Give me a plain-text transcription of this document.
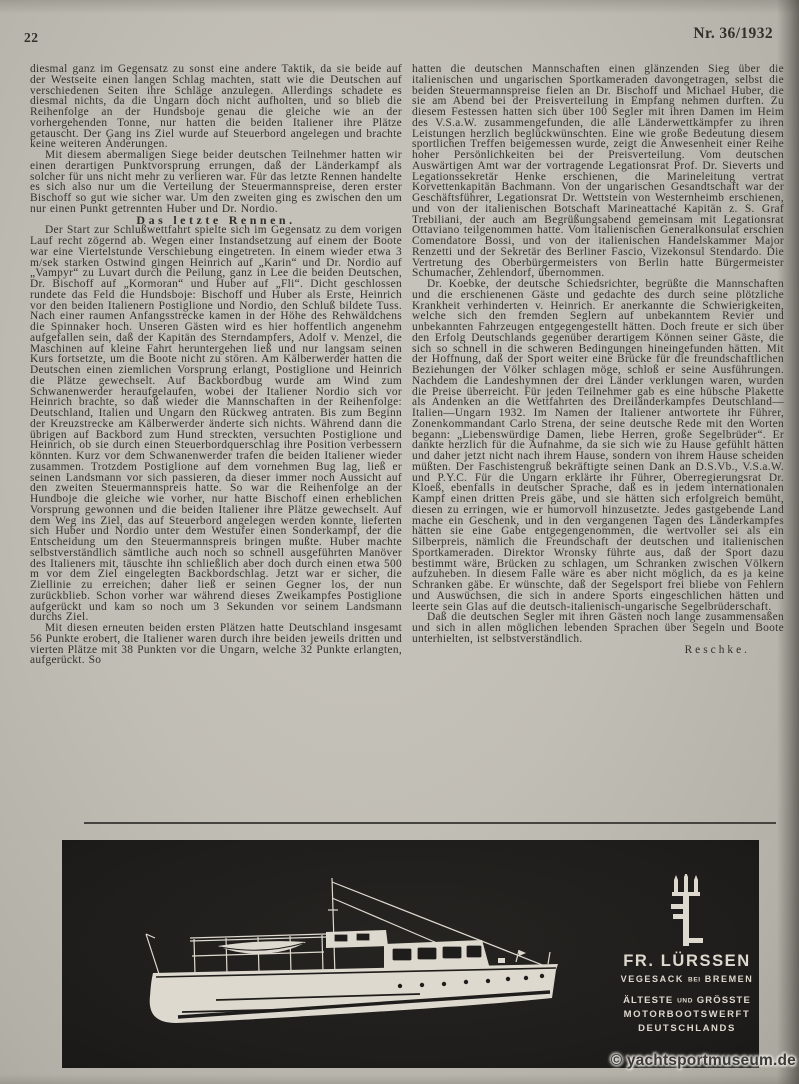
22	Nr. 36/1932

diesmal ganz im Gegensatz zu sonst eine andere Taktik, da sie beide auf der Westseite einen langen Schlag machten, statt wie die Deutschen auf verschiedenen Seiten ihre Schläge anzulegen. Allerdings schadete es diesmal nichts, da die Ungarn doch nicht aufholten, und so blieb die Reihenfolge an der Hundsboje genau die gleiche wie an der vorhergehenden Tonne, nur hatten die beiden Italiener ihre Plätze getauscht. Der Gang ins Ziel wurde auf Steuerbord angelegen und brachte keine weiteren Änderungen.

Mit diesem abermaligen Siege beider deutschen Teilnehmer hatten wir einen derartigen Punktvorsprung errungen, daß der Länderkampf als solcher für uns nicht mehr zu verlieren war. Für das letzte Rennen handelte es sich also nur um die Verteilung der Steuermannspreise, deren erster Bischoff so gut wie sicher war. Um den zweiten ging es zwischen den um nur einen Punkt getrennten Huber und Dr. Nordio.

Das letzte Rennen.

Der Start zur Schlußwettfahrt spielte sich im Gegensatz zu dem vorigen Lauf recht zögernd ab. Wegen einer Instandsetzung auf einem der Boote war eine Viertelstunde Verschiebung eingetreten. In einem wieder etwa 3 m/sek starken Ostwind gingen Heinrich auf „Karin“ und Dr. Nordio auf „Vampyr“ zu Luvart durch die Peilung, ganz in Lee die beiden Deutschen, Dr. Bischoff auf „Kormoran“ und Huber auf „Fli“. Dicht geschlossen rundete das Feld die Hundsboje: Bischoff und Huber als Erste, Heinrich vor den beiden Italienern Postiglione und Nordio, den Schluß bildete Tuss. Nach einer raumen Anfangsstrecke kamen in der Höhe des Rehwäldchens die Spinnaker hoch. Unseren Gästen wird es hier hoffentlich angenehm aufgefallen sein, daß der Kapitän des Sterndampfers, Adolf v. Menzel, die Maschinen auf kleine Fahrt heruntergehen ließ und nur langsam seinen Kurs fortsetzte, um die Boote nicht zu stören. Am Kälberwerder hatten die Deutschen einen ziemlichen Vorsprung erlangt, Postiglione und Heinrich die Plätze gewechselt. Auf Backbordbug wurde am Wind zum Schwanenwerder heraufgelaufen, wobei der Italiener Nordio sich vor Heinrich brachte, so daß wieder die Mannschaften in der Reihenfolge: Deutschland, Italien und Ungarn den Rückweg antraten. Bis zum Beginn der Kreuzstrecke am Kälberwerder änderte sich nichts. Während dann die übrigen auf Backbord zum Hund streckten, versuchten Postiglione und Heinrich, ob sie durch einen Steuerbordquerschlag ihre Position verbessern könnten. Kurz vor dem Schwanenwerder trafen die beiden Italiener wieder zusammen. Trotzdem Postiglione auf dem vornehmen Bug lag, ließ er seinen Landsmann vor sich passieren, da dieser immer noch Aussicht auf den zweiten Steuermannspreis hatte. So war die Reihenfolge an der Hundboje die gleiche wie vorher, nur hatte Bischoff einen erheblichen Vorsprung gewonnen und die beiden Italiener ihre Plätze gewechselt. Auf dem Weg ins Ziel, das auf Steuerbord angelegen werden konnte, lieferten sich Huber und Nordio unter dem Westufer einen Sonderkampf, der die Entscheidung um den Steuermannspreis bringen mußte. Huber machte selbstverständlich sämtliche auch noch so schnell ausgeführten Manöver des Italieners mit, täuschte ihn schließlich aber doch durch einen etwa 500 m vor dem Ziel eingelegten Backbordschlag. Jetzt war er sicher, die Ziellinie zu erreichen; daher ließ er seinen Gegner los, der nun zurückblieb. Schon vorher war während dieses Zweikampfes Postiglione aufgerückt und kam so noch um 3 Sekunden vor seinem Landsmann durchs Ziel.

Mit diesen erneuten beiden ersten Plätzen hatte Deutschland insgesamt 56 Punkte erobert, die Italiener waren durch ihre beiden jeweils dritten und vierten Plätze mit 38 Punkten vor die Ungarn, welche 32 Punkte erlangten, aufgerückt. So

hatten die deutschen Mannschaften einen glänzenden Sieg über die italienischen und ungarischen Sportkameraden davongetragen, selbst die beiden Steuermannspreise fielen an Dr. Bischoff und Michael Huber, die sie am Abend bei der Preisverteilung in Empfang nehmen durften. Zu diesem Festessen hatten sich über 100 Segler mit ihren Damen im Heim des V.S.a.W. zusammengefunden, die alle Länderwettkämpfer zu ihren Leistungen herzlich beglückwünschten. Eine wie große Bedeutung diesem sportlichen Treffen beigemessen wurde, zeigt die Anwesenheit einer Reihe hoher Persönlichkeiten bei der Preisverteilung. Vom deutschen Auswärtigen Amt war der vortragende Legationsrat Prof. Dr. Sieverts und Legationssekretär Henke erschienen, die Marineleitung vertrat Korvettenkapitän Bachmann. Von der ungarischen Gesandtschaft war der Geschäftsführer, Legationsrat Dr. Wettstein von Westernheimb erschienen, und von der italienischen Botschaft Marineattaché Kapitän z. S. Graf Trebiliani, der auch am Begrüßungsabend gemeinsam mit Legationsrat Ottaviano teilgenommen hatte. Vom italienischen Generalkonsulat erschien Comendatore Bossi, und von der italienischen Handelskammer Major Renzetti und der Sekretär des Berliner Fascio, Vizekonsul Stendardo. Die Vertretung des Oberbürgermeisters von Berlin hatte Bürgermeister Schumacher, Zehlendorf, übernommen.

Dr. Koebke, der deutsche Schiedsrichter, begrüßte die Mannschaften und die erschienenen Gäste und gedachte des durch seine plötzliche Krankheit verhinderten v. Heinrich. Er anerkannte die Schwierigkeiten, welche sich den fremden Seglern auf unbekanntem Revier und unbekannten Fahrzeugen entgegengestellt hätten. Doch freute er sich über den Erfolg Deutschlands gegenüber derartigem Können seiner Gäste, die sich so schnell in die schweren Bedingungen hineingefunden hätten. Mit der Hoffnung, daß der Sport weiter eine Brücke für die freundschaftlichen Beziehungen der Völker schlagen möge, schloß er seine Ausführungen. Nachdem die Landeshymnen der drei Länder verklungen waren, wurden die Preise überreicht. Für jeden Teilnehmer gab es eine hübsche Plakette als Andenken an die Wettfahrten des Dreiländerkampfes Deutschland—Italien—Ungarn 1932. Im Namen der Italiener antwortete ihr Führer, Zonenkommandant Carlo Strena, der seine deutsche Rede mit den Worten begann: „Liebenswürdige Damen, liebe Herren, große Segelbrüder“. Er dankte herzlich für die Aufnahme, da sie sich wie zu Hause gefühlt hätten und daher jetzt nicht nach ihrem Hause, sondern von ihrem Hause scheiden müßten. Der Faschistengruß bekräftigte seinen Dank an D.S.Vb., V.S.a.W. und P.Y.C. Für die Ungarn erklärte ihr Führer, Oberregierungsrat Dr. Kloeß, ebenfalls in deutscher Sprache, daß es in jedem internationalen Kampf einen dritten Preis gäbe, und sie hätten sich erfolgreich bemüht, diesen zu erringen, wie er humorvoll hinzusetzte. Jedes gastgebende Land mache ein Geschenk, und in den vergangenen Tagen des Länderkampfes hätten sie eine Gabe entgegengenommen, die wertvoller sei als ein Silberpreis, nämlich die Freundschaft der deutschen und italienischen Sportkameraden. Direktor Wronsky führte aus, daß der Sport dazu bestimmt wäre, Brücken zu schlagen, um Schranken zwischen Völkern aufzuheben. In diesem Falle wäre es aber nicht möglich, da es ja keine Schranken gäbe. Er wünschte, daß der Segelsport frei bliebe von Fehlern und Auswüchsen, die sich in andere Sports eingeschlichen hätten und leerte sein Glas auf die deutsch-italienisch-ungarische Segelbrüderschaft.

Daß die deutschen Segler mit ihren Gästen noch lange zusammensaßen und sich in allen möglichen lebenden Sprachen über Segeln und Boote unterhielten, ist selbstverständlich.

Reschke.

FR. LÜRSSEN
VEGESACK BEI BREMEN
ÄLTESTE UND GRÖSSTE
MOTORBOOTSWERFT
DEUTSCHLANDS
© yachtsportmuseum.de
